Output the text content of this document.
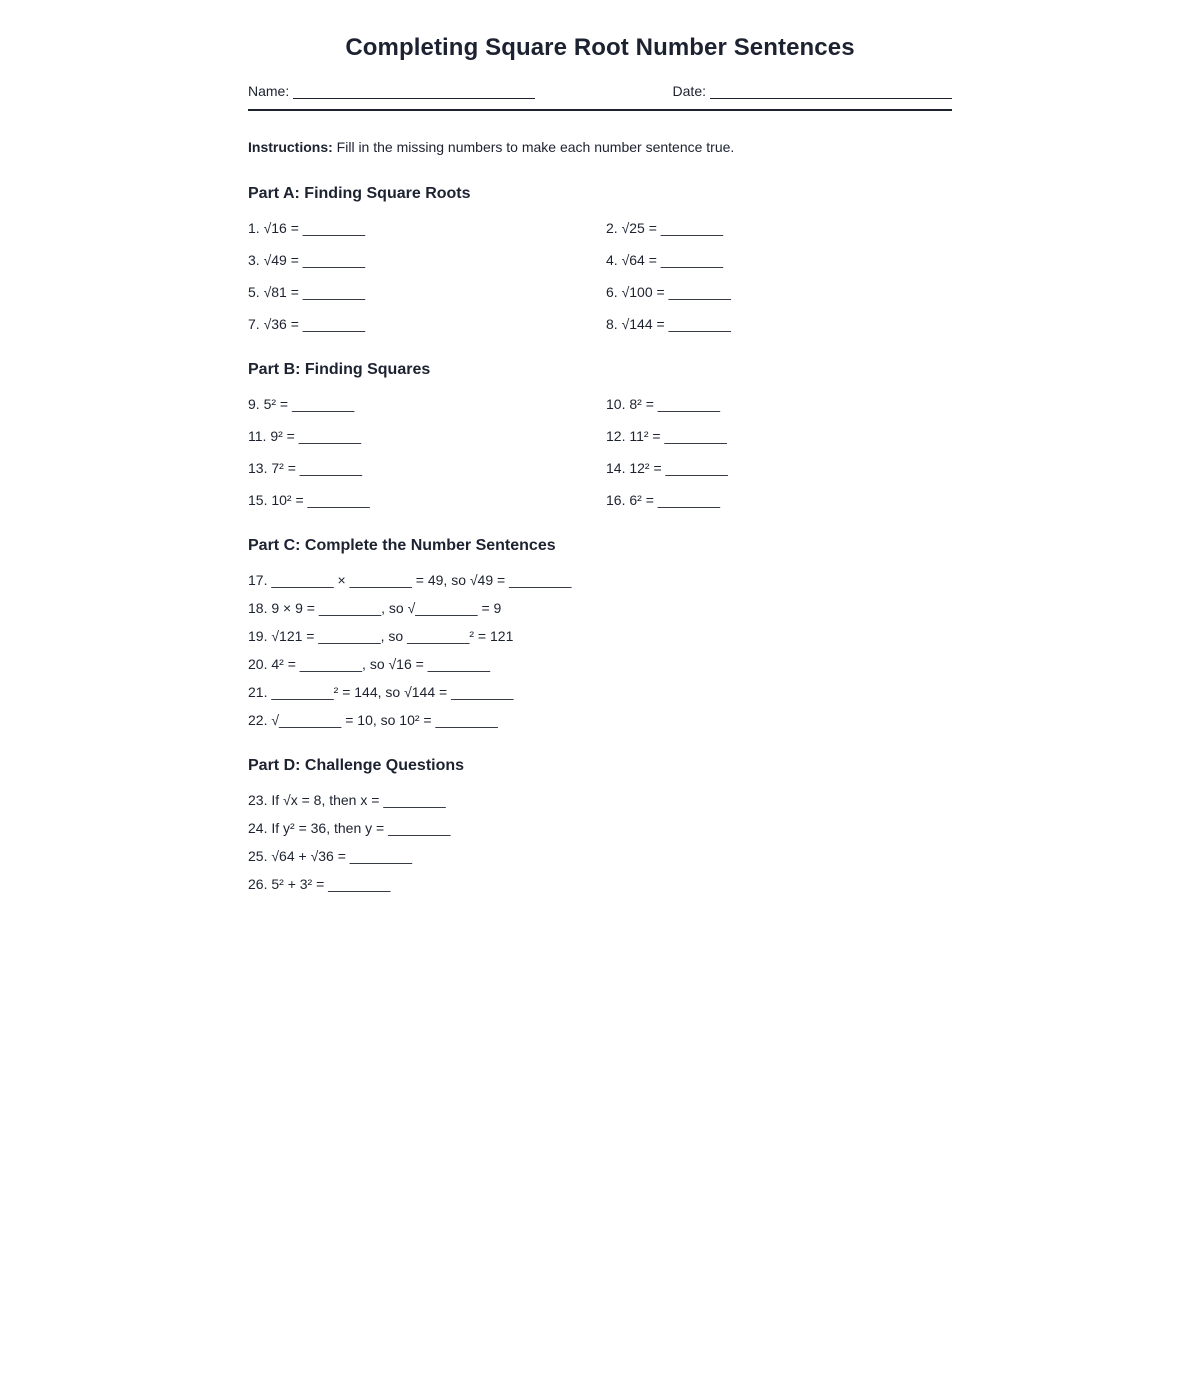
Completing Square Root Number Sentences
Name:	Date:
Instructions: Fill in the missing numbers to make each number sentence true.
Part A: Finding Square Roots
1. √16 = ________	2. √25 = ________
3. √49 = ________	4. √64 = ________
5. √81 = ________	6. √100 = ________
7. √36 = ________	8. √144 = ________
Part B: Finding Squares
9. 5² = ________	10. 8² = ________
11. 9² = ________	12. 11² = ________
13. 7² = ________	14. 12² = ________
15. 10² = ________	16. 6² = ________
Part C: Complete the Number Sentences
17. ________ × ________ = 49, so √49 = ________
18. 9 × 9 = ________, so √________ = 9
19. √121 = ________, so ________² = 121
20. 4² = ________, so √16 = ________
21. ________² = 144, so √144 = ________
22. √________ = 10, so 10² = ________
Part D: Challenge Questions
23. If √x = 8, then x = ________
24. If y² = 36, then y = ________
25. √64 + √36 = ________
26. 5² + 3² = ________
